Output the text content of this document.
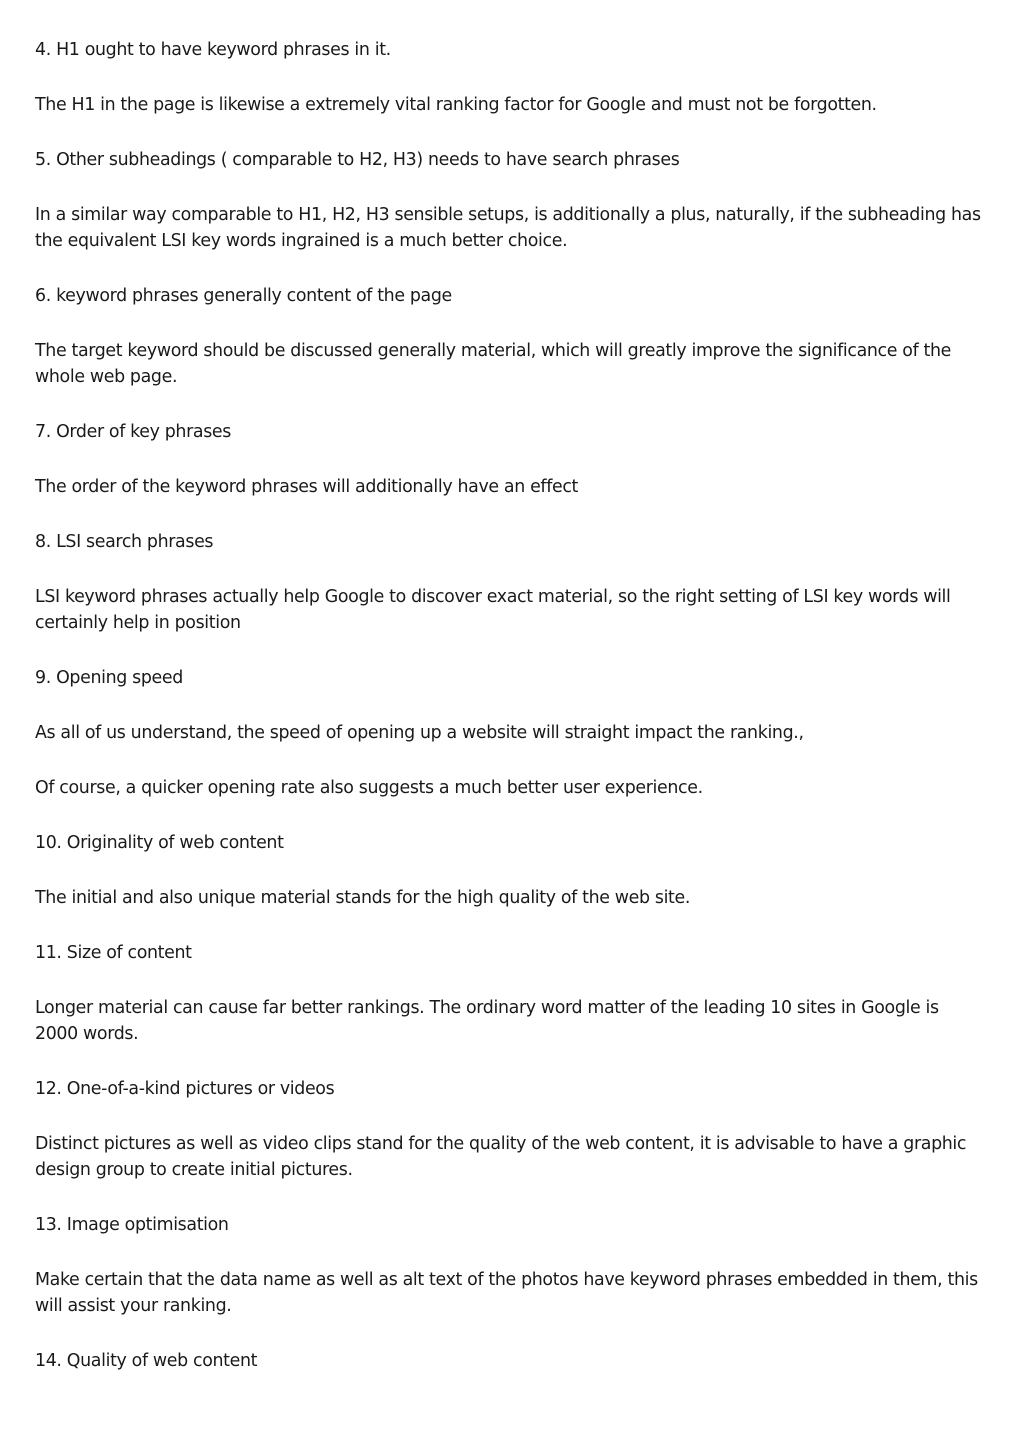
4. H1 ought to have keyword phrases in it.

The H1 in the page is likewise a extremely vital ranking factor for Google and must not be forgotten.

5. Other subheadings ( comparable to H2, H3) needs to have search phrases

In a similar way comparable to H1, H2, H3 sensible setups, is additionally a plus, naturally, if the subheading has the equivalent LSI key words ingrained is a much better choice.

6. keyword phrases generally content of the page

The target keyword should be discussed generally material, which will greatly improve the significance of the whole web page.

7. Order of key phrases

The order of the keyword phrases will additionally have an effect

8. LSI search phrases

LSI keyword phrases actually help Google to discover exact material, so the right setting of LSI key words will certainly help in position

9. Opening speed

As all of us understand, the speed of opening up a website will straight impact the ranking.,

Of course, a quicker opening rate also suggests a much better user experience.

10. Originality of web content

The initial and also unique material stands for the high quality of the web site.

11. Size of content

Longer material can cause far better rankings. The ordinary word matter of the leading 10 sites in Google is 2000 words.

12. One-of-a-kind pictures or videos

Distinct pictures as well as video clips stand for the quality of the web content, it is advisable to have a graphic design group to create initial pictures.

13. Image optimisation

Make certain that the data name as well as alt text of the photos have keyword phrases embedded in them, this will assist your ranking.

14. Quality of web content
